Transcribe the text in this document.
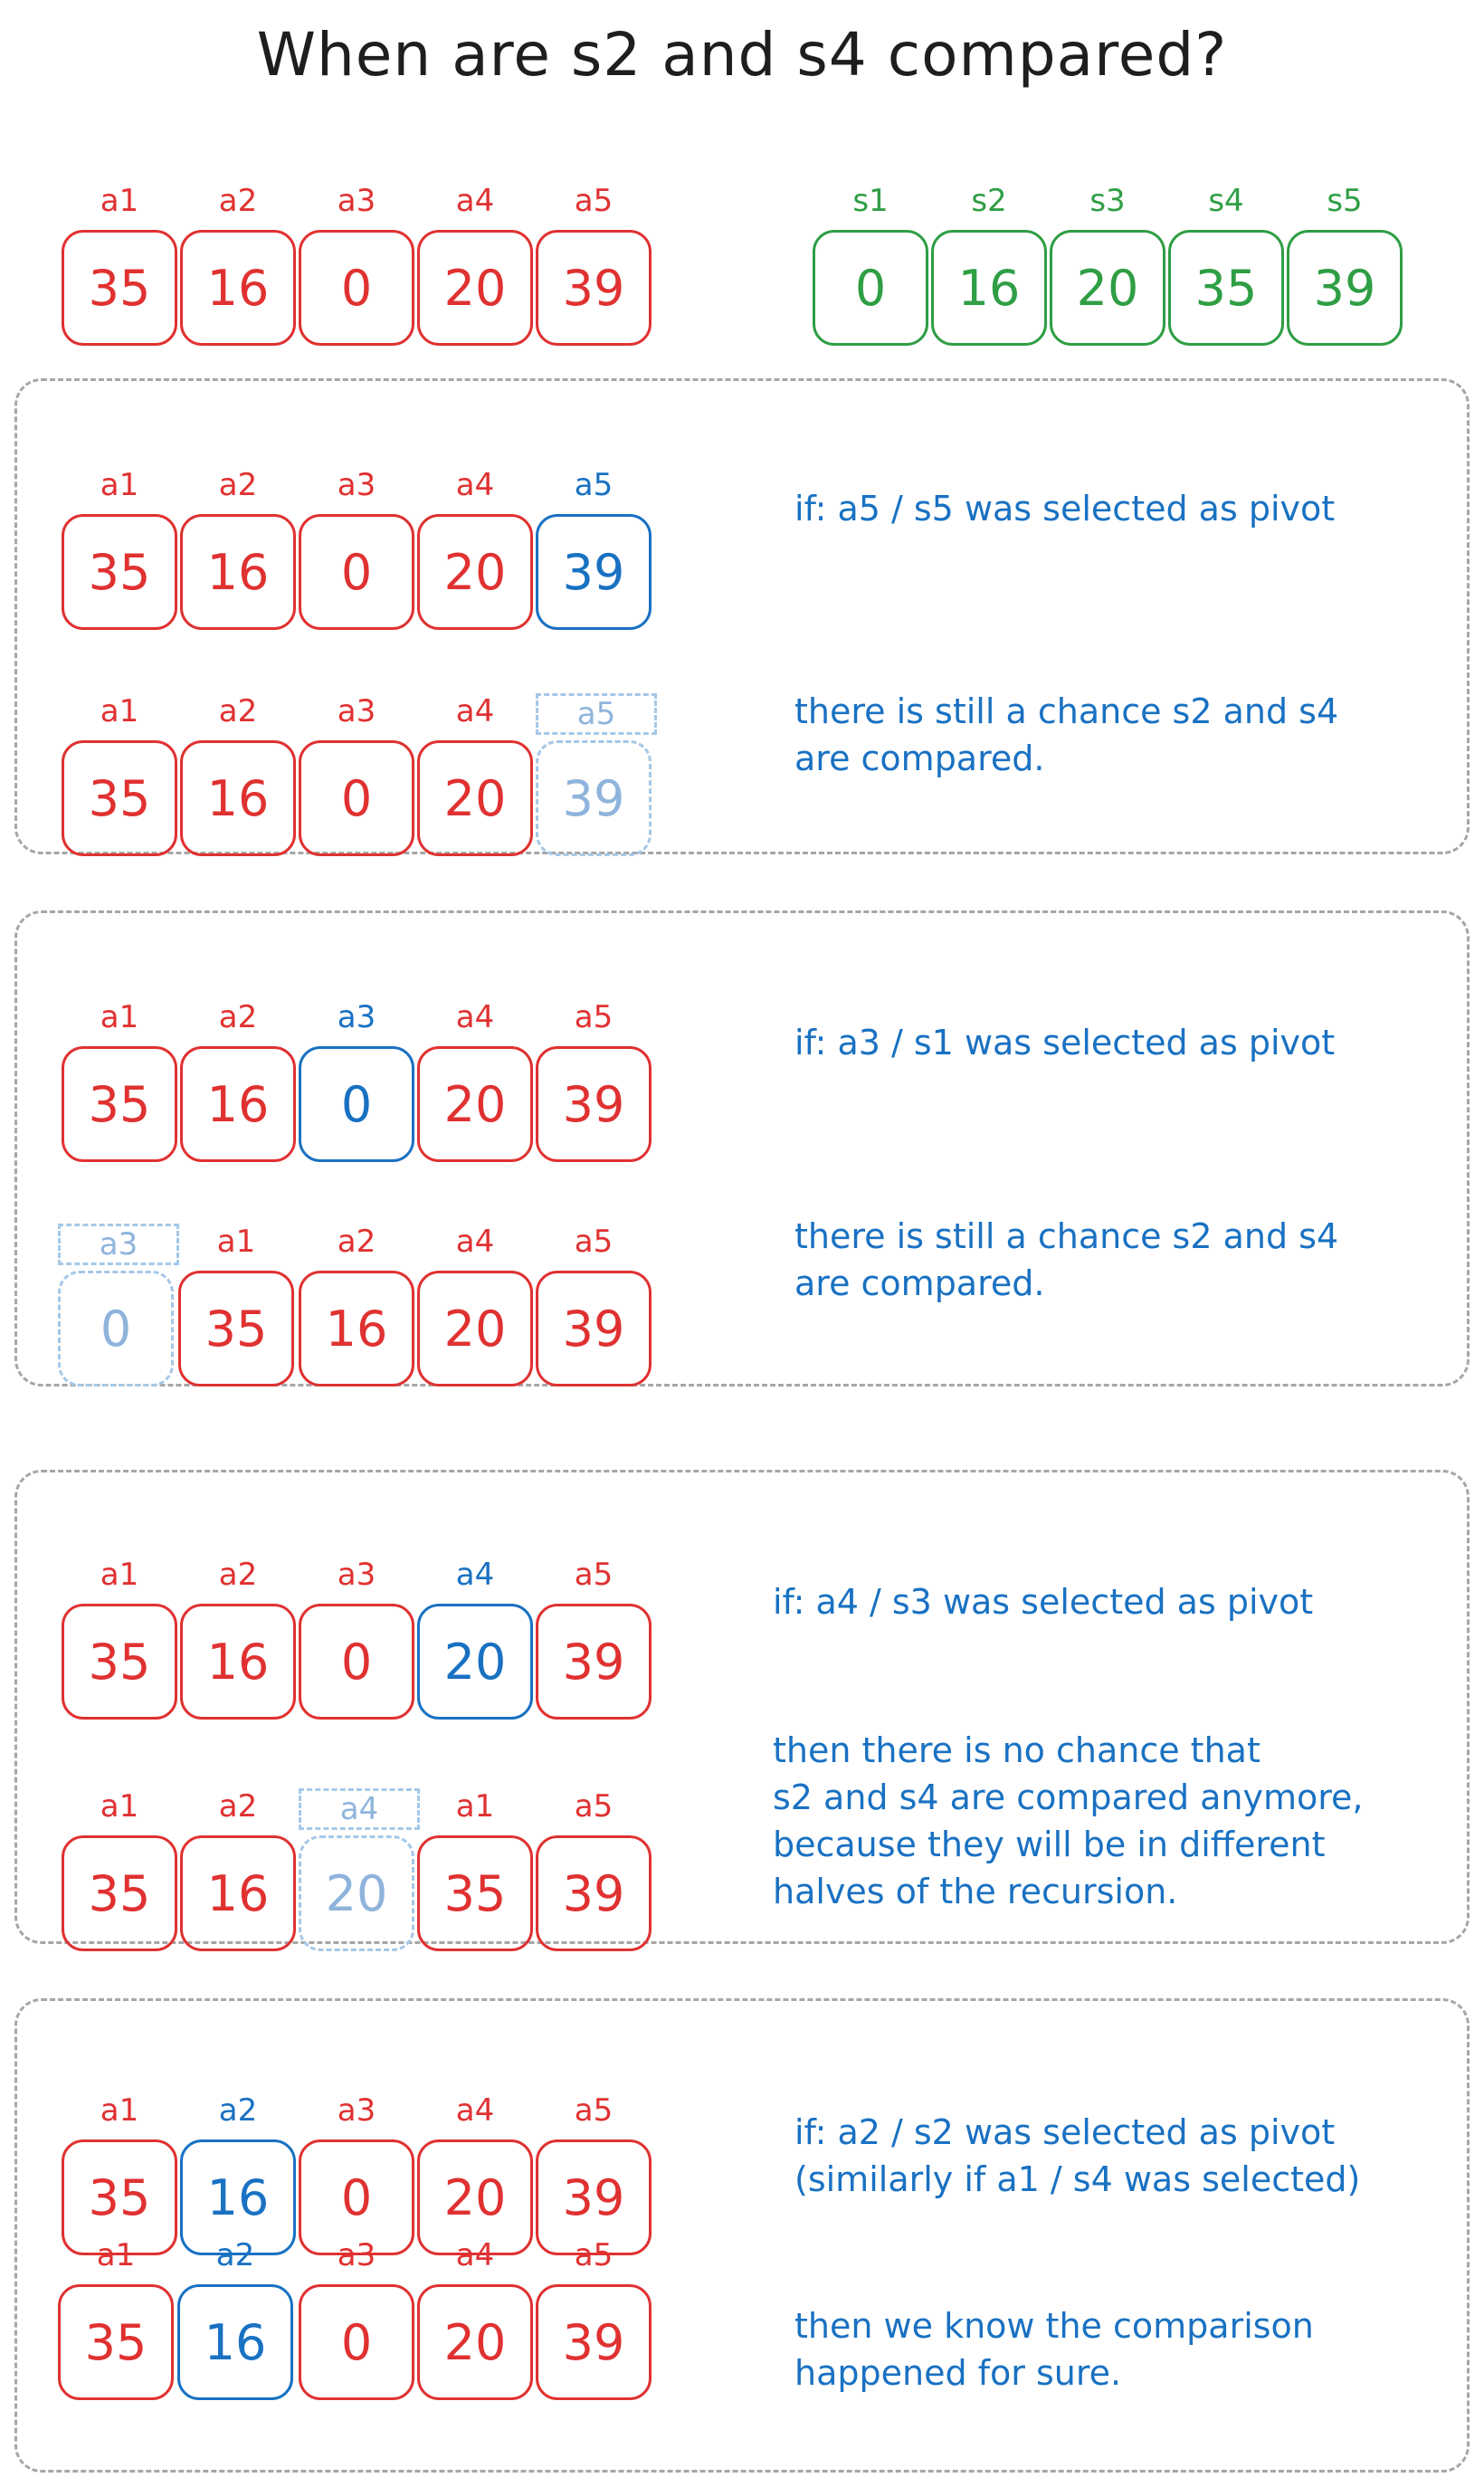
When are s2 and s4 compared?
a1
35
a2
16
a3
0
a4
20
a5
39
s1
0
s2
16
s3
20
s4
35
s5
39
a1
35
a2
16
a3
0
a4
20
a5
39
if: a5 / s5 was selected as pivot
a1
35
a2
16
a3
0
a4
20
a5
39
there is still a chance s2 and s4
are compared.
a1
35
a2
16
a3
0
a4
20
a5
39
if: a3 / s1 was selected as pivot
a3
0
a1
35
a2
16
a4
20
a5
39
there is still a chance s2 and s4
are compared.
a1
35
a2
16
a3
0
a4
20
a5
39
if: a4 / s3 was selected as pivot
a1
35
a2
16
a4
20
a1
35
a5
39
then there is no chance that
s2 and s4 are compared anymore,
because they will be in different
halves of the recursion.
a1
35
a2
16
a3
0
a4
20
a5
39
if: a2 / s2 was selected as pivot
(similarly if a1 / s4 was selected)
a1
35
a2
16
a3
0
a4
20
a5
39	then we know the comparison
happened for sure.
